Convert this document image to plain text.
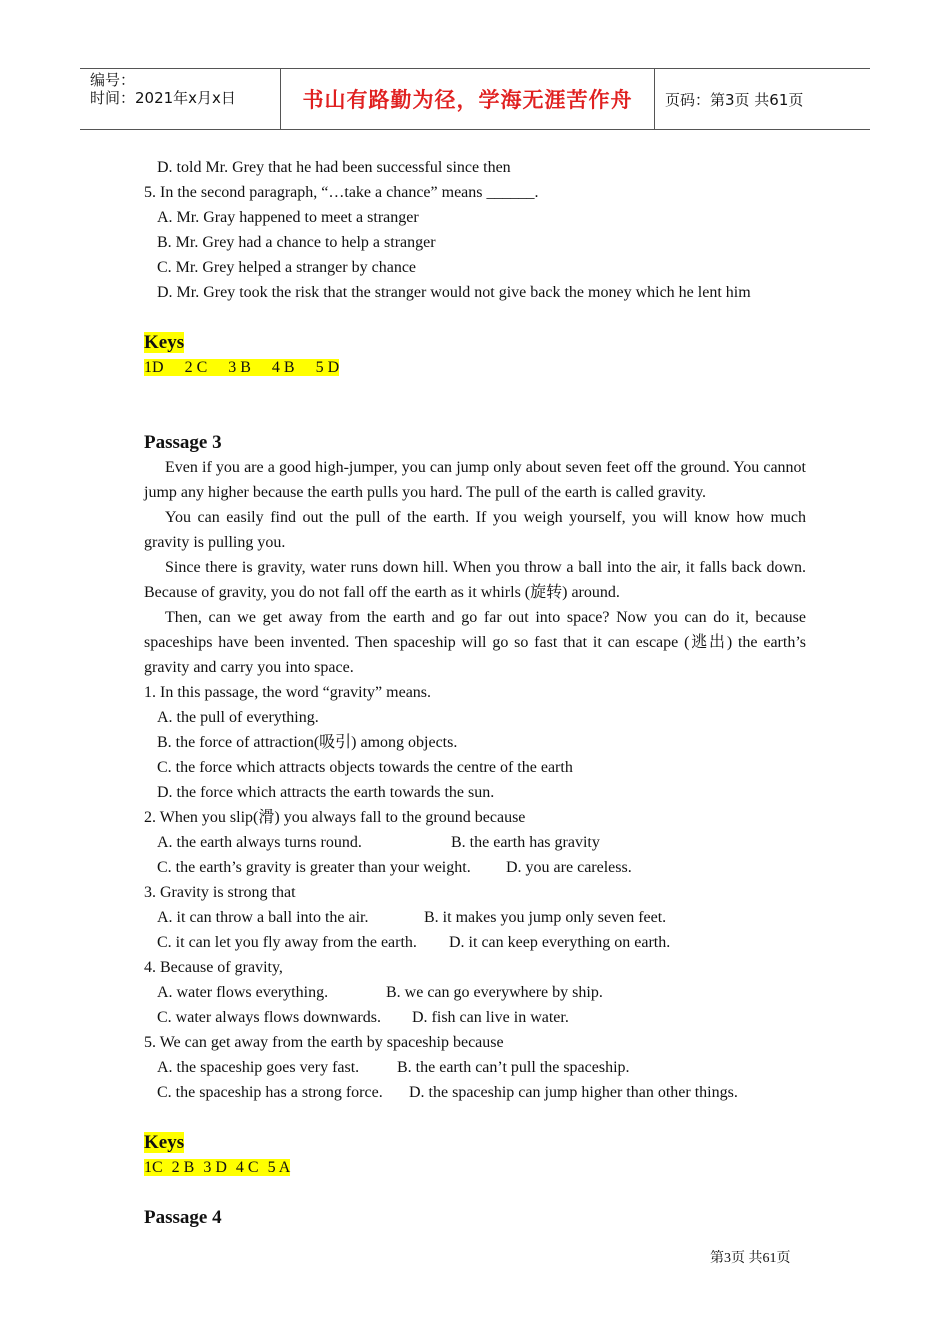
编号：
时间：2021年x月x日	书山有路勤为径，学海无涯苦作舟	页码：第3页 共61页
D. told Mr. Grey that he had been successful since then
5. In the second paragraph, “…take a chance” means ______.
A. Mr. Gray happened to meet a stranger
B. Mr. Grey had a chance to help a stranger
C. Mr. Grey helped a stranger by chance
D. Mr. Grey took the risk that the stranger would not give back the money which he lent him
Keys
1D 2 C 3 B 4 B 5 D
Passage 3

Even if you are a good high-jumper, you can jump only about seven feet off the ground. You cannot jump any higher because the earth pulls you hard. The pull of the earth is called gravity.

You can easily find out the pull of the earth. If you weigh yourself, you will know how much gravity is pulling you.

Since there is gravity, water runs down hill. When you throw a ball into the air, it falls back down. Because of gravity, you do not fall off the earth as it whirls (旋转) around.

Then, can we get away from the earth and go far out into space? Now you can do it, because spaceships have been invented. Then spaceship will go so fast that it can escape (逃出) the earth’s gravity and carry you into space.

1. In this passage, the word “gravity” means.
A. the pull of everything.
B. the force of attraction(吸引) among objects.
C. the force which attracts objects towards the centre of the earth
D. the force which attracts the earth towards the sun.
2. When you slip(滑) you always fall to the ground because
A. the earth always turns round.	B. the earth has gravity
C. the earth’s gravity is greater than your weight. D. you are careless.
3. Gravity is strong that
A. it can throw a ball into the air.	B. it makes you jump only seven feet.
C. it can let you fly away from the earth. D. it can keep everything on earth.
4. Because of gravity,
A. water flows everything.	B. we can go everywhere by ship.
C. water always flows downwards. D. fish can live in water.
5. We can get away from the earth by spaceship because
A. the spaceship goes very fast. B. the earth can’t pull the spaceship.
C. the spaceship has a strong force. D. the spaceship can jump higher than other things.
Keys
1C 2 B 3 D 4 C 5 A
Passage 4
第3页 共61页
